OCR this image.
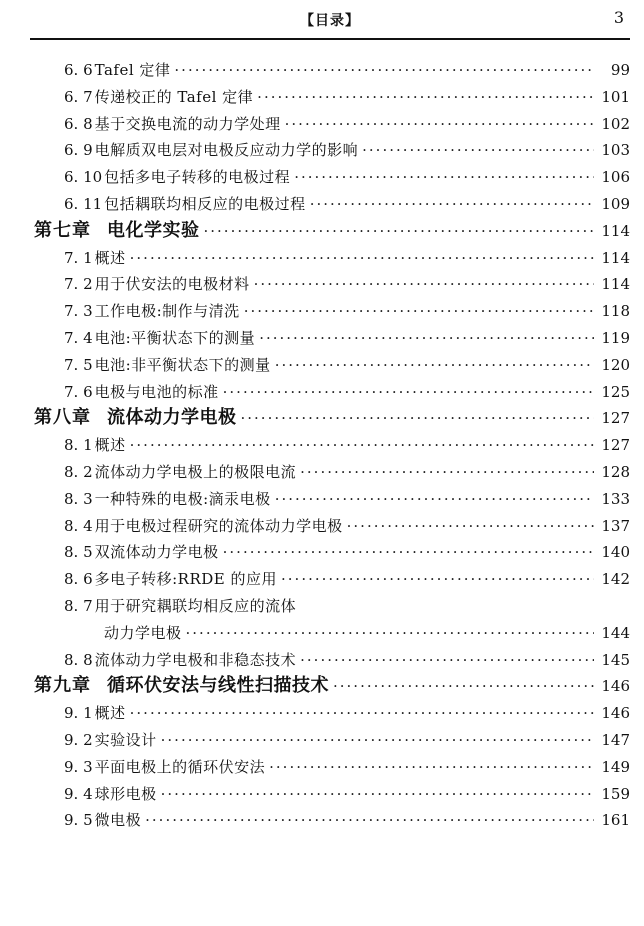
【目录】	3
6. 6 Tafel 定律 ·····	99
6. 7 传递校正的 Tafel 定律 ·····	101
6. 8 基于交换电流的动力学处理 ·····	102
6. 9 电解质双电层对电极反应动力学的影响 ·····	103
6. 10 包括多电子转移的电极过程 ·····	106
6. 11 包括耦联均相反应的电极过程 ·····	109
第七章 电化学实验 ·····	114
7. 1 概述 ·····	114
7. 2 用于伏安法的电极材料 ·····	114
7. 3 工作电极:制作与清洗 ·····	118
7. 4 电池:平衡状态下的测量 ·····	119
7. 5 电池:非平衡状态下的测量 ·····	120
7. 6 电极与电池的标准 ·····	125
第八章 流体动力学电极 ·····	127
8. 1 概述 ·····	127
8. 2 流体动力学电极上的极限电流 ·····	128
8. 3 一种特殊的电极:滴汞电极 ·····	133
8. 4 用于电极过程研究的流体动力学电极 ·····	137
8. 5 双流体动力学电极 ·····	140
8. 6 多电子转移:RRDE 的应用 ·····	142
8. 7 用于研究耦联均相反应的流体
动力学电极 ·····	144
8. 8 流体动力学电极和非稳态技术 ·····	145
第九章 循环伏安法与线性扫描技术 ·····	146
9. 1 概述 ·····	146
9. 2 实验设计 ·····	147
9. 3 平面电极上的循环伏安法 ·····	149
9. 4 球形电极 ·····	159
9. 5 微电极 ·····	161
